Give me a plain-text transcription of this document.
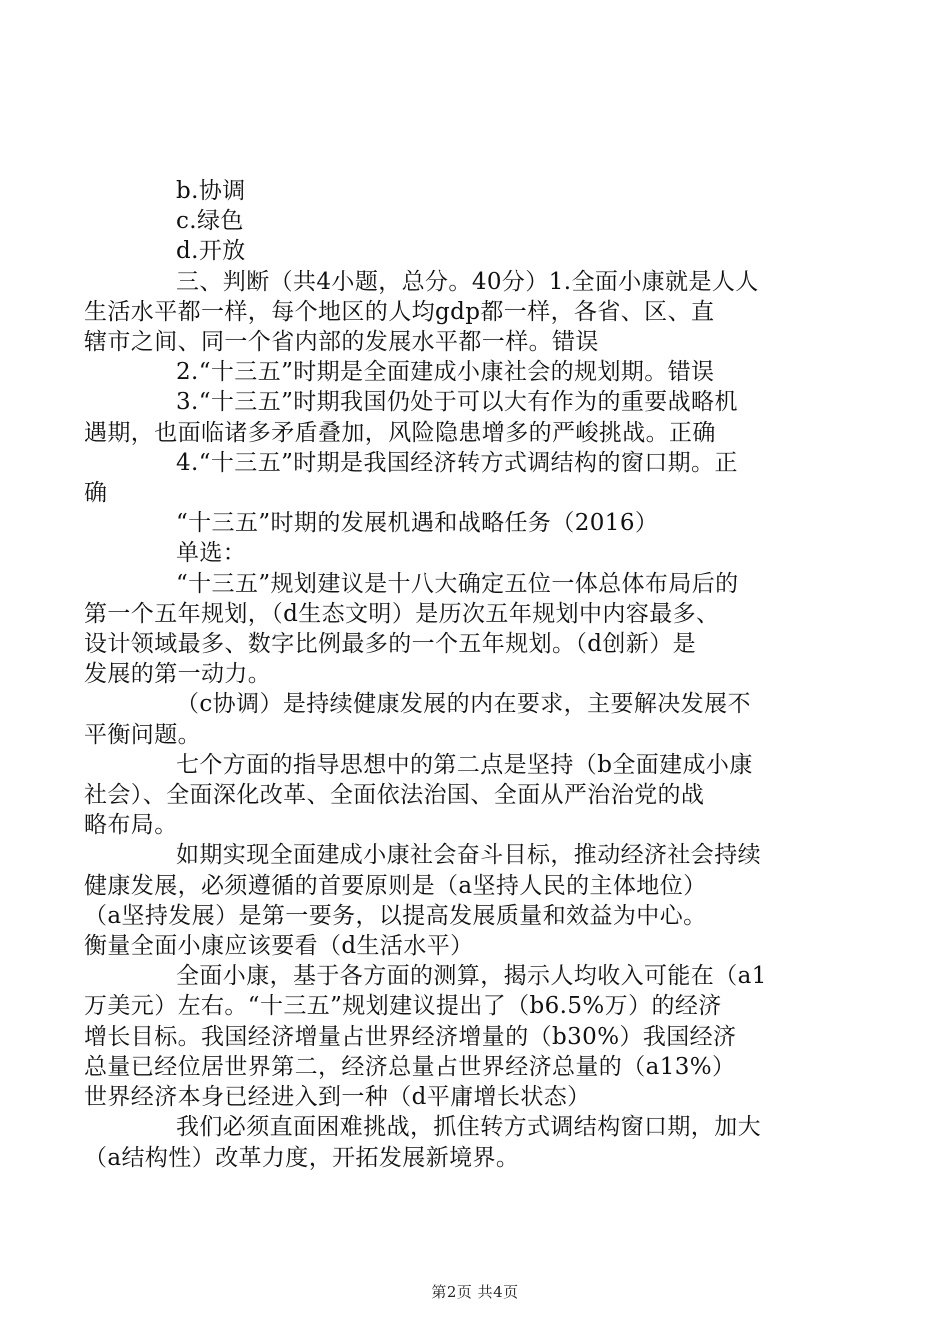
b.协调

c.绿色

d.开放

三、判断（共4小题，总分。40分）1.全面小康就是人人
生活水平都一样，每个地区的人均gdp都一样，各省、区、直
辖市之间、同一个省内部的发展水平都一样。错误

2.“十三五”时期是全面建成小康社会的规划期。错误

3.“十三五”时期我国仍处于可以大有作为的重要战略机
遇期，也面临诸多矛盾叠加，风险隐患增多的严峻挑战。正确

4.“十三五”时期是我国经济转方式调结构的窗口期。正
确

“十三五”时期的发展机遇和战略任务（2016）

单选：

“十三五”规划建议是十八大确定五位一体总体布局后的
第一个五年规划，（d生态文明）是历次五年规划中内容最多、
设计领域最多、数字比例最多的一个五年规划。（d创新）是
发展的第一动力。

（c协调）是持续健康发展的内在要求，主要解决发展不
平衡问题。

七个方面的指导思想中的第二点是坚持（b全面建成小康
社会）、全面深化改革、全面依法治国、全面从严治治党的战
略布局。

如期实现全面建成小康社会奋斗目标，推动经济社会持续
健康发展，必须遵循的首要原则是（a坚持人民的主体地位）
（a坚持发展）是第一要务，以提高发展质量和效益为中心。
衡量全面小康应该要看（d生活水平）

全面小康，基于各方面的测算，揭示人均收入可能在（a1
万美元）左右。“十三五”规划建议提出了（b6.5%万）的经济
增长目标。我国经济增量占世界经济增量的（b30%）我国经济
总量已经位居世界第二，经济总量占世界经济总量的（a13%）
世界经济本身已经进入到一种（d平庸增长状态）

我们必须直面困难挑战，抓住转方式调结构窗口期，加大
（a结构性）改革力度，开拓发展新境界。

第2页 共4页
